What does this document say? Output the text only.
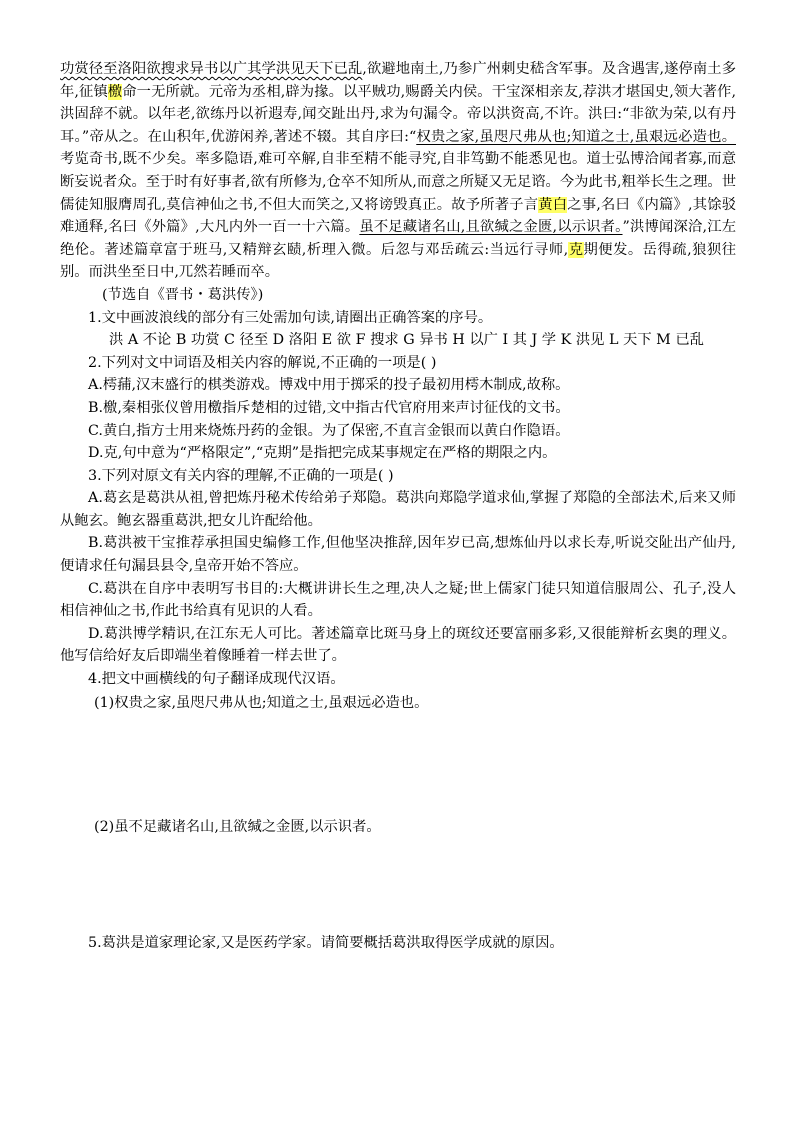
功赏径至洛阳欲搜求异书以广其学洪见天下已乱,欲避地南土,乃参广州刺史嵇含军事。及含遇害,遂停南土多年,征镇檄命一无所就。元帝为丞相,辟为掾。以平贼功,赐爵关内侯。干宝深相亲友,荐洪才堪国史,领大著作,洪固辞不就。以年老,欲练丹以祈遐寿,闻交趾出丹,求为句漏令。帝以洪资高,不许。洪曰:“非欲为荣,以有丹耳。”帝从之。在山积年,优游闲养,著述不辍。其自序曰:“权贵之家,虽咫尺弗从也;知道之士,虽艰远必造也。考览奇书,既不少矣。率多隐语,难可卒解,自非至精不能寻究,自非笃勤不能悉见也。道士弘博洽闻者寡,而意断妄说者众。至于时有好事者,欲有所修为,仓卒不知所从,而意之所疑又无足谘。今为此书,粗举长生之理。世儒徒知服膺周孔,莫信神仙之书,不但大而笑之,又将谤毁真正。故予所著子言黄白之事,名曰《内篇》,其馀驳难通释,名曰《外篇》,大凡内外一百一十六篇。虽不足藏诸名山,且欲缄之金匮,以示识者。”洪博闻深洽,江左绝伦。著述篇章富于班马,又精辩玄赜,析理入微。后忽与邓岳疏云:当远行寻师,克期便发。岳得疏,狼狈往别。而洪坐至日中,兀然若睡而卒。

(节选自《晋书・葛洪传》)

1.文中画波浪线的部分有三处需加句读,请圈出正确答案的序号。

洪 A 不论 B 功赏 C 径至 D 洛阳 E 欲 F 搜求 G 异书 H 以广 I 其 J 学 K 洪见 L 天下 M 已乱

2.下列对文中词语及相关内容的解说,不正确的一项是( )

A.樗蒱,汉末盛行的棋类游戏。博戏中用于掷采的投子最初用樗木制成,故称。

B.檄,秦相张仪曾用檄指斥楚相的过错,文中指古代官府用来声讨征伐的文书。

C.黄白,指方士用来烧炼丹药的金银。为了保密,不直言金银而以黄白作隐语。

D.克,句中意为“严格限定”,“克期”是指把完成某事规定在严格的期限之内。

3.下列对原文有关内容的理解,不正确的一项是( )

A.葛玄是葛洪从祖,曾把炼丹秘术传给弟子郑隐。葛洪向郑隐学道求仙,掌握了郑隐的全部法术,后来又师从鲍玄。鲍玄器重葛洪,把女儿许配给他。

B.葛洪被干宝推荐承担国史编修工作,但他坚决推辞,因年岁已高,想炼仙丹以求长寿,听说交阯出产仙丹,便请求任句漏县县令,皇帝开始不答应。

C.葛洪在自序中表明写书目的:大概讲讲长生之理,决人之疑;世上儒家门徒只知道信服周公、孔子,没人相信神仙之书,作此书给真有见识的人看。

D.葛洪博学精识,在江东无人可比。著述篇章比斑马身上的斑纹还要富丽多彩,又很能辩析玄奥的理义。他写信给好友后即端坐着像睡着一样去世了。

4.把文中画横线的句子翻译成现代汉语。

(1)权贵之家,虽咫尺弗从也;知道之士,虽艰远必造也。

(2)虽不足藏诸名山,且欲缄之金匮,以示识者。

5.葛洪是道家理论家,又是医药学家。请简要概括葛洪取得医学成就的原因。
